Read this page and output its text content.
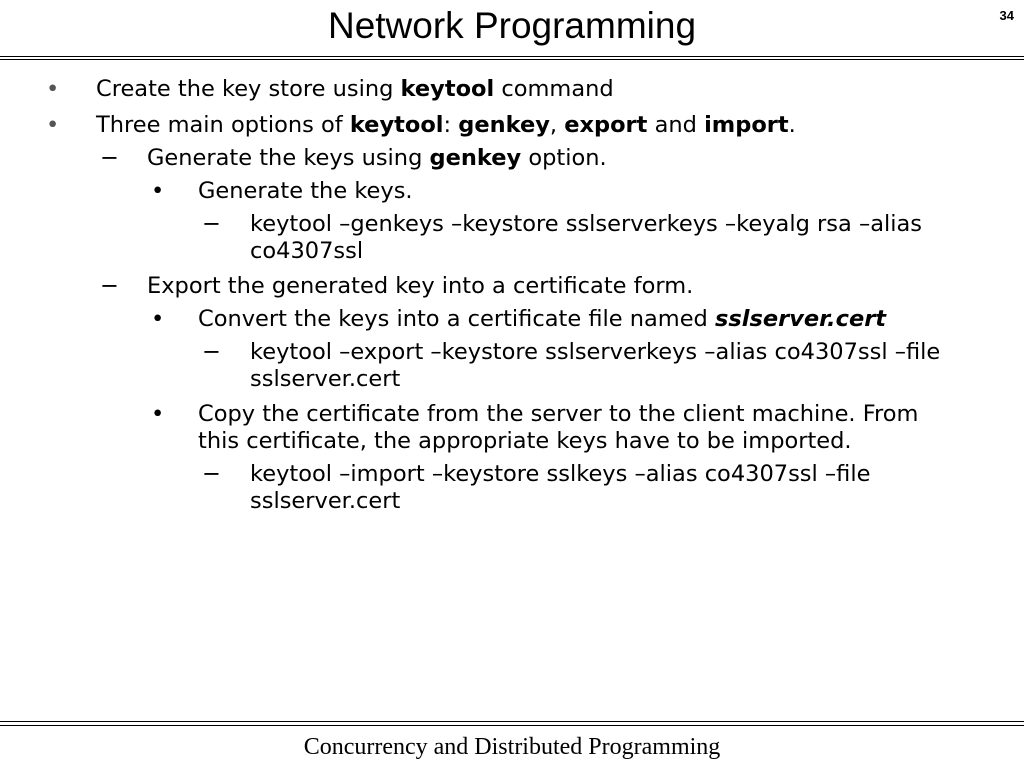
Network Programming	34
• Create the key store using keytool command
• Three main options of keytool: genkey, export and import.
− Generate the keys using genkey option.
• Generate the keys.
− keytool –genkeys –keystore sslserverkeys –keyalg rsa –alias co4307ssl
− Export the generated key into a certificate form.
• Convert the keys into a certificate file named sslserver.cert
− keytool –export –keystore sslserverkeys –alias co4307ssl –file sslserver.cert
• Copy the certificate from the server to the client machine. From this certificate, the appropriate keys have to be imported.
− keytool –import –keystore sslkeys –alias co4307ssl –file sslserver.cert
Concurrency and Distributed Programming
